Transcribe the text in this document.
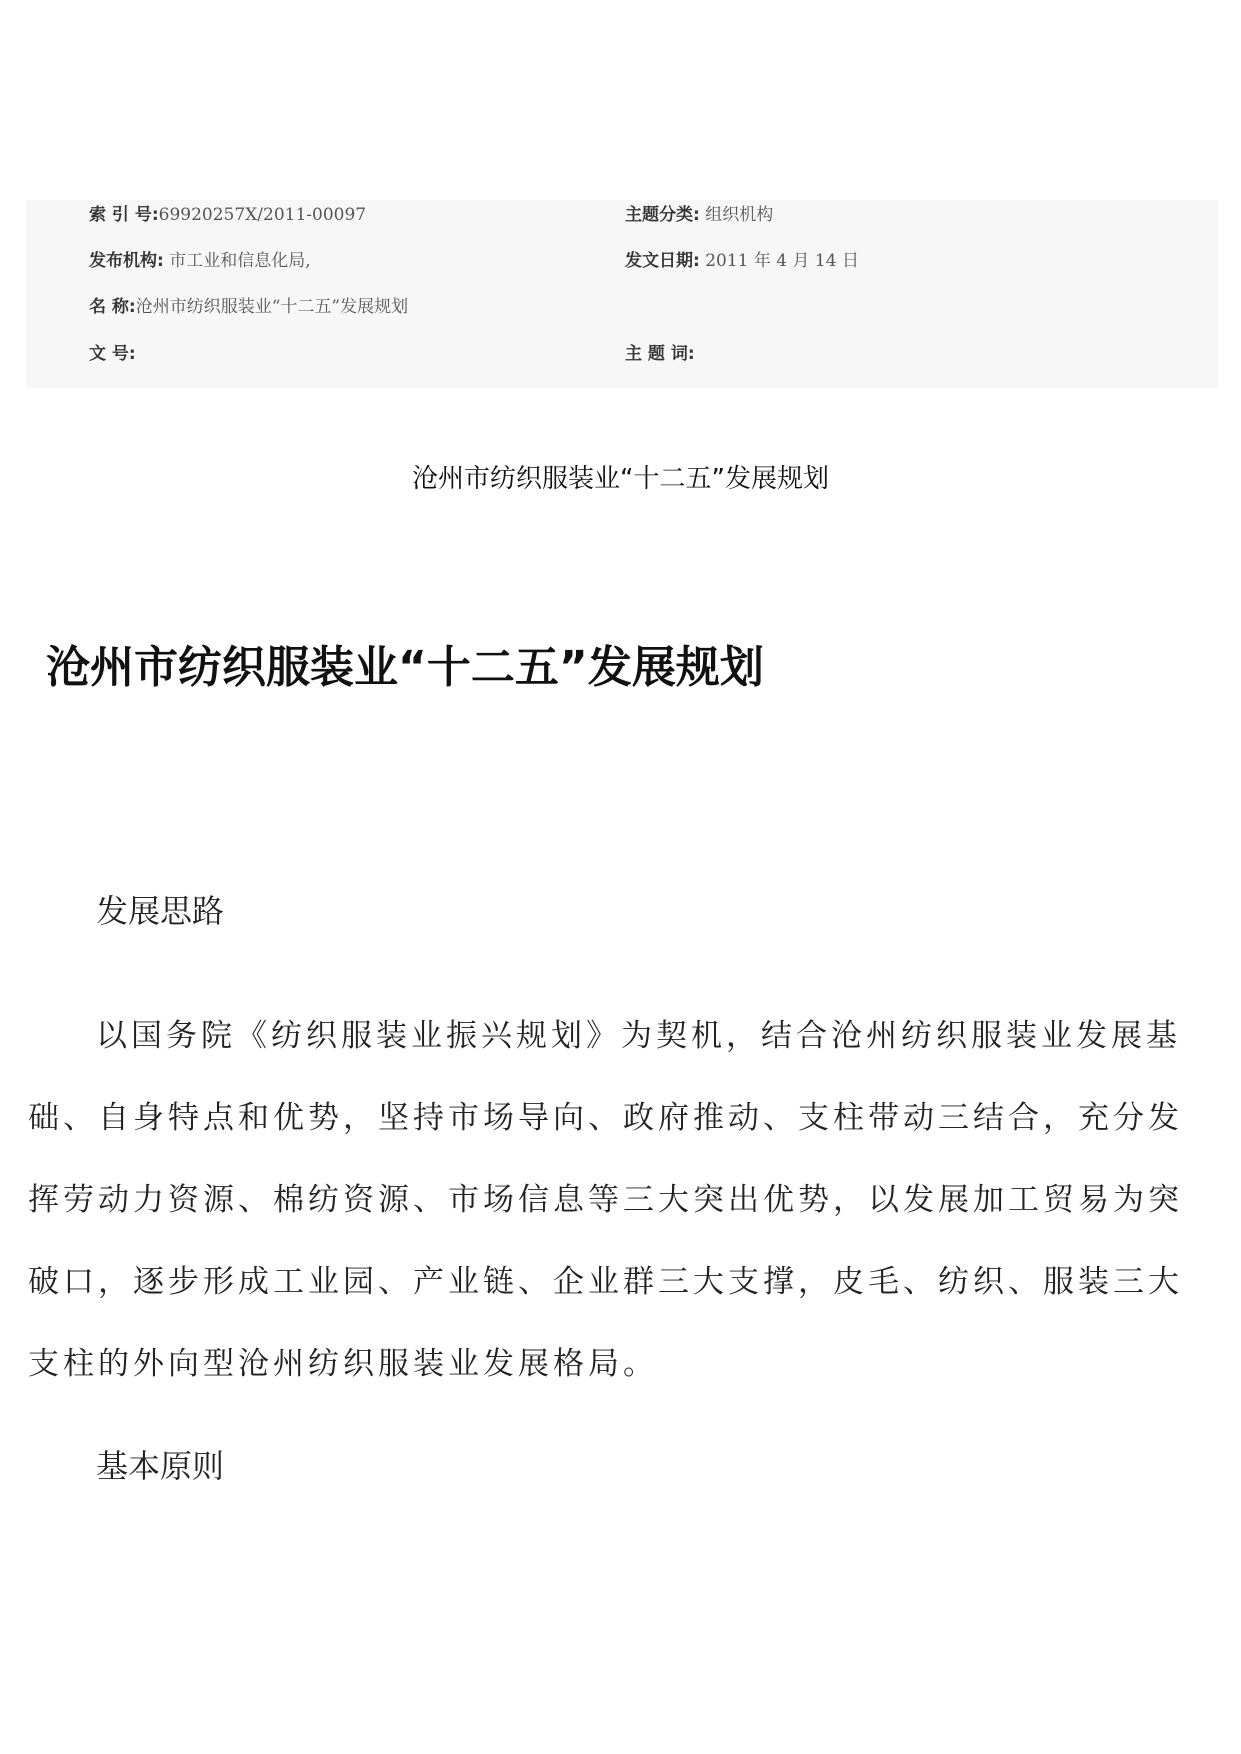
索 引 号:69920257X/2011-00097	主题分类: 组织机构
发布机构: 市工业和信息化局,	发文日期: 2011 年 4 月 14 日
名 称:沧州市纺织服装业“十二五”发展规划
文 号:	主 题 词:
沧州市纺织服装业“十二五”发展规划
沧州市纺织服装业“十二五”发展规划
发展思路

以国务院《纺织服装业振兴规划》为契机，结合沧州纺织服装业发展基础、自身特点和优势，坚持市场导向、政府推动、支柱带动三结合，充分发挥劳动力资源、棉纺资源、市场信息等三大突出优势，以发展加工贸易为突破口，逐步形成工业园、产业链、企业群三大支撑，皮毛、纺织、服装三大支柱的外向型沧州纺织服装业发展格局。

基本原则
